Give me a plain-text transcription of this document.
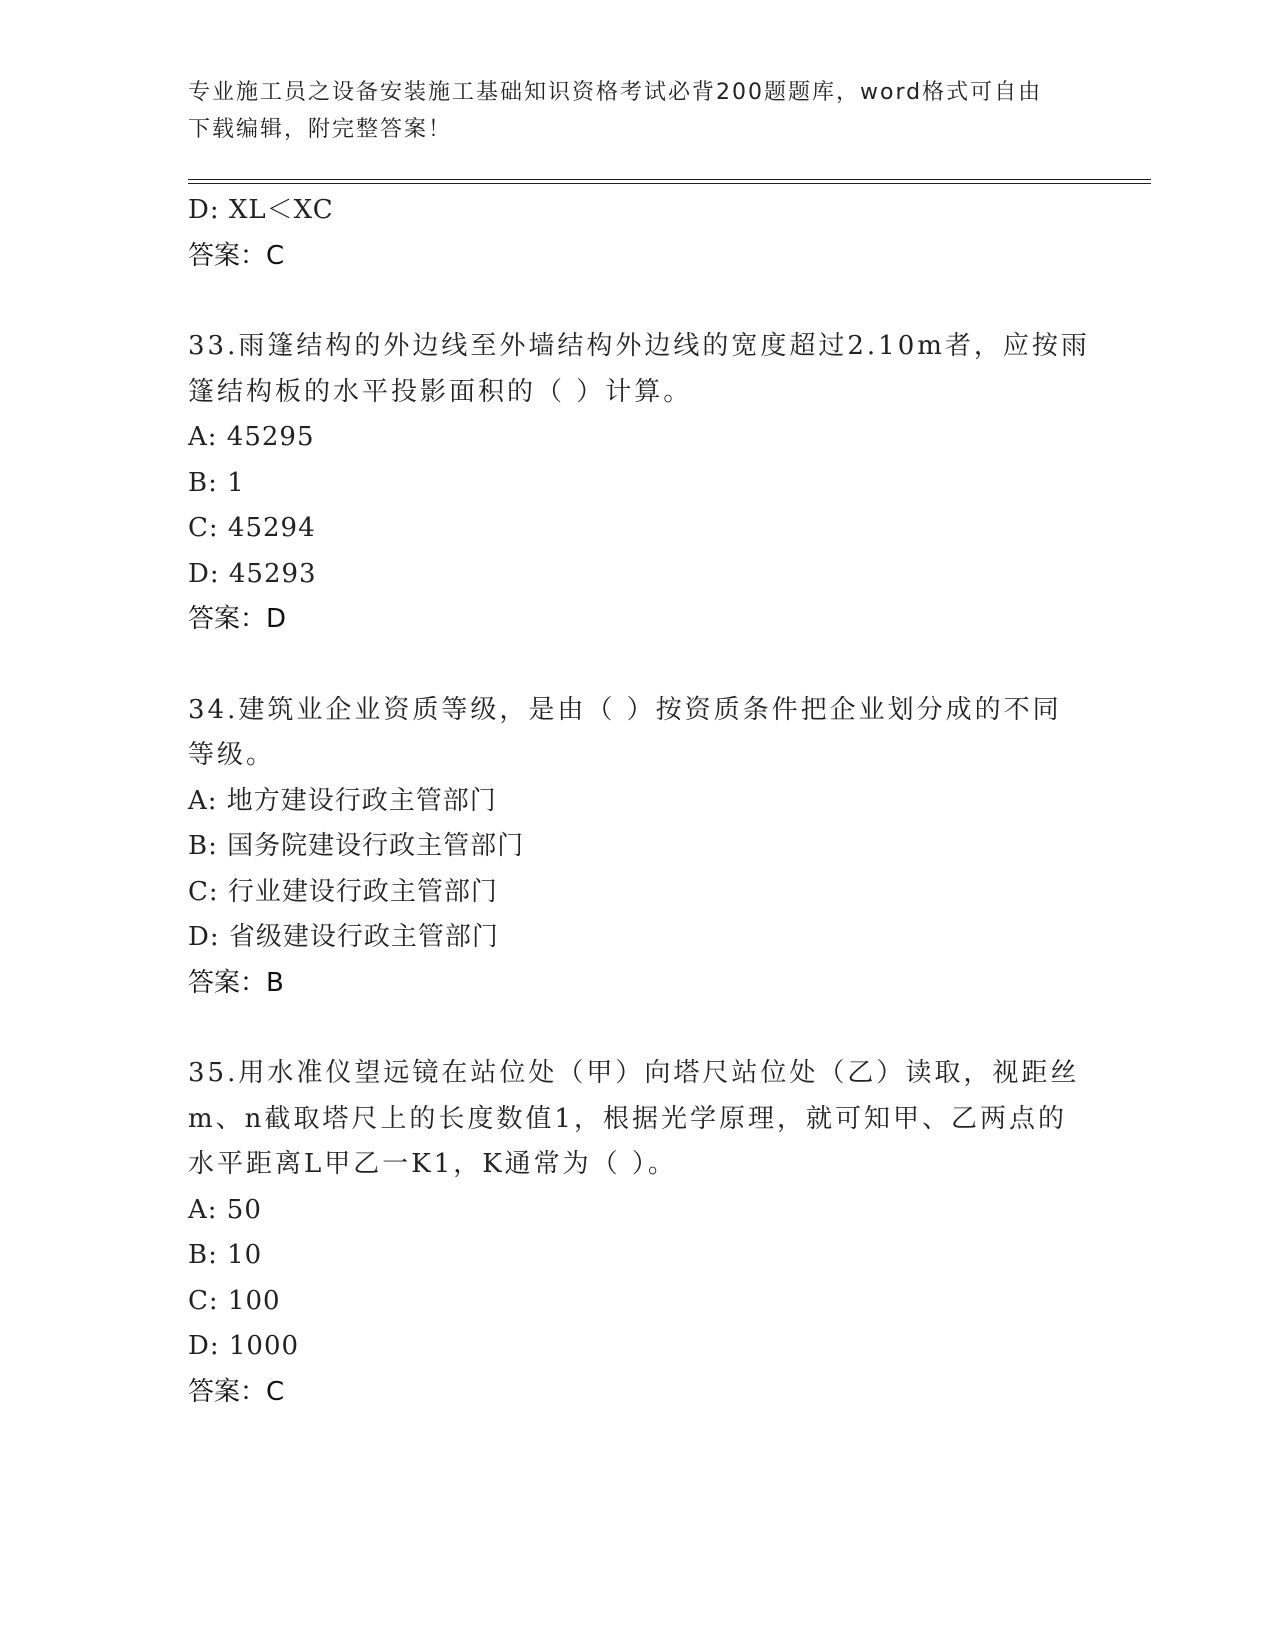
专业施工员之设备安装施工基础知识资格考试必背200题题库，word格式可自由
下载编辑，附完整答案！
D: XL＜XC
答案：C
33.雨篷结构的外边线至外墙结构外边线的宽度超过2.10m者，应按雨
篷结构板的水平投影面积的（ ）计算。
A: 45295
B: 1
C: 45294
D: 45293
答案：D
34.建筑业企业资质等级，是由（ ）按资质条件把企业划分成的不同
等级。
A: 地方建设行政主管部门
B: 国务院建设行政主管部门
C: 行业建设行政主管部门
D: 省级建设行政主管部门
答案：B
35.用水准仪望远镜在站位处（甲）向塔尺站位处（乙）读取，视距丝
m、n截取塔尺上的长度数值1，根据光学原理，就可知甲、乙两点的
水平距离L甲乙一K1，K通常为（ ）。
A: 50
B: 10
C: 100
D: 1000
答案：C
